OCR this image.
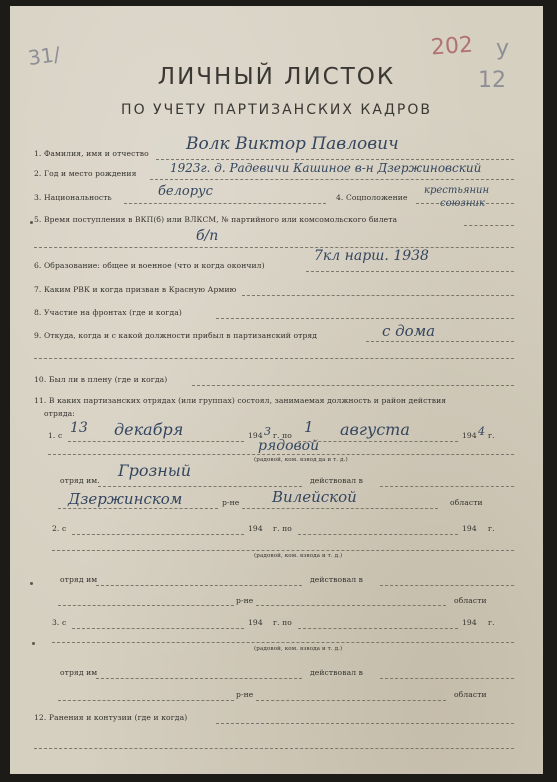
31/	202 у
12
ЛИЧНЫЙ ЛИСТОК
ПО УЧЕТУ ПАРТИЗАНСКИХ КАДРОВ
1. Фамилия, имя и отчество Волк Виктор Павлович
2. Год и место рождения	1923г. д. Радевичи Кашиное в-н Дзержиновский
3. Национальность	белорус	4. Соцположение
крестьянин
союзник
5. Время поступления в ВКП(б) или ВЛКСМ, № партийного или комсомольского билета
б/п
6. Образование: общее и военное (что и когда окончил)
7кл нарш. 1938
7. Каким РВК и когда призван в Красную Армию
8. Участие на фронтах (где и когда)
9. Откуда, когда и с какой должности прибыл в партизанский отряд	с дома
10. Был ли в плену (где и когда)
11. В каких партизанских отрядах (или группах) состоял, занимаемая должность и район действия
отряда:
1. с 13 декабря	194 3 г. по 1 августа	194 4 г.
рядовой
(радовой, ком. взвод да и т. д.)
отряд им.
Грозный
действовал в
Дзержинском	р-не Вилейской	области
2. с	194 г. по	194 г.
(радовой, ком. взвода и т. д.)
отряд им	действовал в
р-не	области
3. с	194 г. по	194 г.
(радовой, ком. взвода и т. д.)
отряд им	действовал в
р-не	области
12. Ранения и контузии (где и когда)
